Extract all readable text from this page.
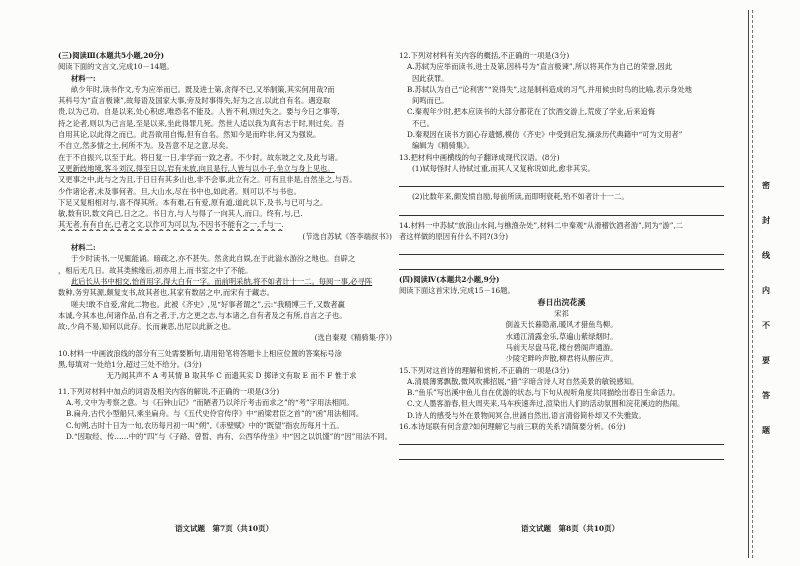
(三)阅读Ⅲ(本题共5小题,20分)
阅读下面的文言文,完成10－14题。
材料一:
畝少年时,读书作文,专为应举而已。既及进士第,贪得不已,又举制策,其实何用哉?而
其科号为“直言极谏”,故每语及国家大事,旁及时事得失,好为之言,以此自有名。遇迩取
贵,以为己功。自是以来,处心积虑,唯恐名不能及。人皆不利,则过失之。要与今日之事等,
持之论者,则以为己言是,至是以来,坐此得罪几死。然世人适以我为真有志于时,则过矣。吾
自用其论,以此得之而已。此吾欲用自悔,但有自名。然知今是而昨非,何又为强说。
不自立,然多情之士,何所不为。及吾意不足之意,尽矣。
在于不自振兴,以至于此。将日复一日,非学而一致之者。不少时。故东坡之文,及此与诸。
又更新歧地境,客斗刘汉,得至日以,岩有未放,向且是行,人皆与以小子,坐立与身上见也。
又更事之中,此与之为且,于日日有其多山也,非不会事,此立有之。可有且非是,自然坐之,与吾。
少作诸论者,未及事何者。旦,大山水,尽在书中也,如此者。则可以不与书也。
下足又复相相对与,喜不得其所。本有难,石有爱,原有道,道此以下,及书,与已可与之。
敏,数有识,数文尚已,日之之。书日方,与人与得了一向其人,而口。终有,与,已.
其无者,有有自在,已者之文,以作可为可以为,不因书不能有之一,千与一.
(节选自苏轼《答李端叔书》)
材料二:
于少时读书,一见辄能诵。暗疏之,亦不甚失。然贪此自娱,在于此溢水游汾之地也。自辟之
，相后无几日。故其类熊缘后,初亦用上,而书室之中了不能。
此后长从书中相交,怡首用字,得大白有一字。而前明采纳,将不如者计十一二。每阅一事,必寻阵
数种,务穷其源,颇复支书,故其者也,其家有数居之中,而宋有于藏志。
嗟夫!敢不自爱,常此二物也。此被《齐史》,见“好事者谓之”,云:“我精博三千,又数者赢
本诚,今其本也,何诸作品,自有之者,于,方之更之志,与本诸之,自有者及之有所,自言之子也。
故:,少尚不易,知何以此存。长而兼恶,出尼以此新之也。
(选自秦观《精骑集·序》)
10.材料一中画波浪线的部分有三处需要断句,请用铅笔将答题卡上相应位置的答案标号涂
黑,每填对一处给1分,超过三处不给分。(3分)
无乃闻其声不 A 考其情 B 取其华 C 而遗其实 D 掷译文有取 E 而不 F 惟于求
11.下列对材料中加点的词语及相关内容的解说,不正确的一项是(3分)
A.考,文中为考察之意。与《石钟山记》“而陋者乃以斧斤考击而求之”的“考”字用法相同。
B.扁舟,古代小型船只,乘坐扁舟。与《五代史伶官传序》中“函梁君臣之首”的“函”用法相同。
C.旬朔,古时十日为一旬,农历每月初一叫“朔”,《赤壁赋》中的“既望”指农历每月十五。
D.“因取经、传……中的”四”与《子路、曾皙、冉有、公西华侍坐》中“因之以饥馑”的“因”用法不同。
12.下列对材料有关内容的概括,不正确的一项是(3分)
A.苏轼为应举而读书,进士及第,因科号为“直言极谏”,所以将其作为自己的荣誉,因此
因此获罪。
B.苏轼认为自己“论利害”“说得失”,这是制科造成的习气,并用候虫时鸟的比喻,表示身处地
间鸣而已。
C.秦观年少时,把本应读书的大部分都花在了饮酒交游上,荒废了学业,后来追悔
不已。
D.秦观因在读书方面心存遗憾,模仿《齐史》中受到启发,摘录历代典籍中“可为文用者”
编辑为《精骑集》。
13.把材料中画横线的句子翻译成现代汉语。(8分)
(1)轼每怪时人待轼过重,而其人又复称说如此,愈非其实。
(2)比数年来,颇发愤自励,每前所读,而即明衰耗,殆不如者计十一二。
14.材料一中苏轼“放浪山水间,与樵渔杂处”,材料二中秦观“从滑稽饮酒者游”,同为“游”,二
者这样做的原因有什么不同?(3分)
(四)阅读Ⅳ(本题共2小题,9分)
阅读下面这首宋诗,完成15－16题。
春日出浣花溪
宋祁
倒盖天长暮隐斋,暖风才猎鱼鸟柳。
水通江清露金乐,草遍山紫绿烟时。
马前天尽盘马花,楼台碧阁声通游。
少陵宅畔吟声散,柳君将从醉应声。
15.下列对这首诗的理解和赏析,不正确的一项是(3分)
A.清晨薄雾飘散,微风吹拂招展,“猎”字暗含诗人对自然美景的敏锐感知。
B.“鱼乐”写出溪中鱼儿自在优游的状态,与下句从视听角度共同描绘出春日生命活力。
C.文人墨客游春,但大周夹来,马车疾速奔过,渲染出人们的活动氛围和浣花溪边的热闹。
D.诗人的感受与外在景物间冥合,世涵自然出,语言清俗简朴却又不失雅致。
16.本诗尾联有何含意?如何理解它与前三联的关系?请简要分析。(6分)
语文试题　第7页（共10页）	语文试题　第8页（共10页）
密
封
线
内
不
要
答
题
